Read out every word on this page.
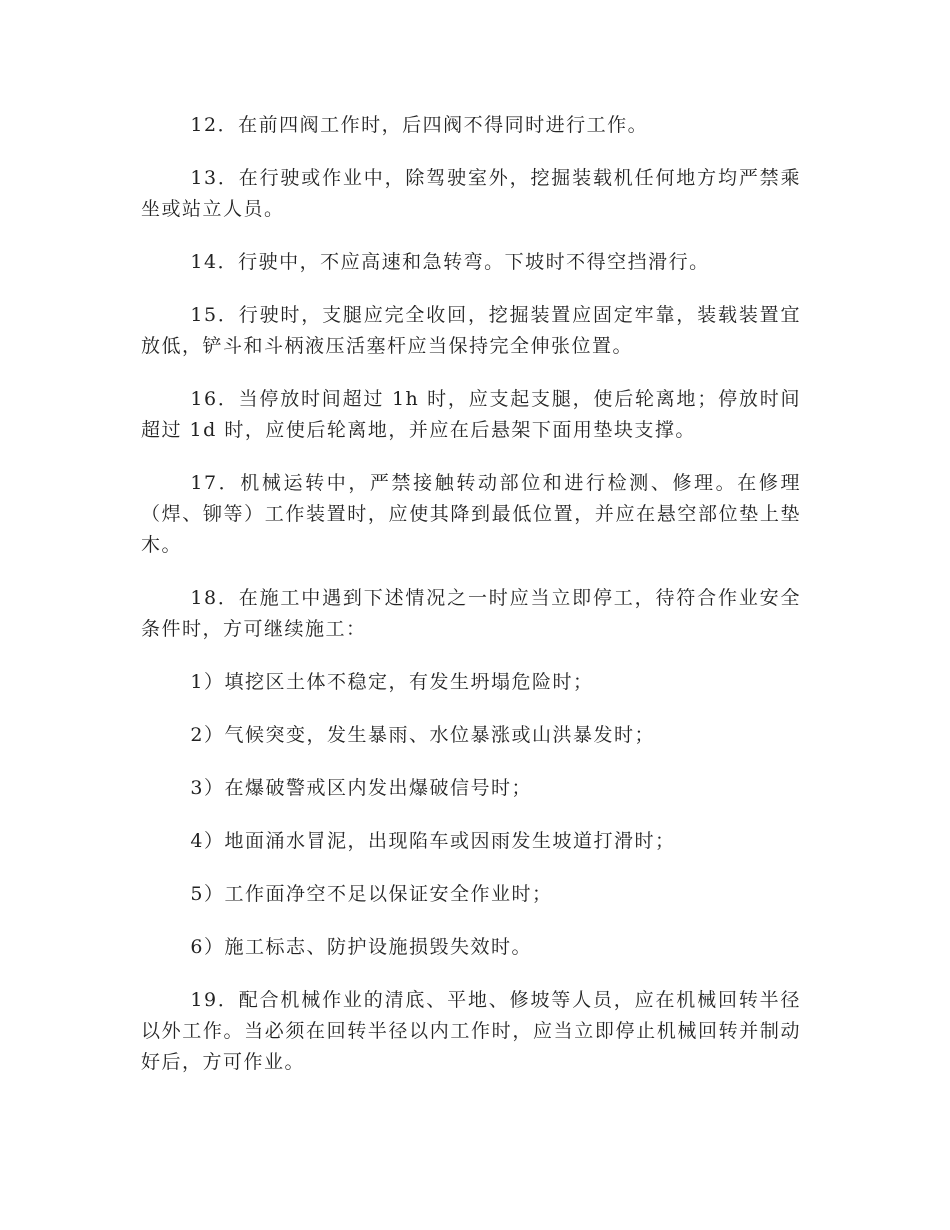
12．在前四阀工作时，后四阀不得同时进行工作。

13．在行驶或作业中，除驾驶室外，挖掘装载机任何地方均严禁乘坐或站立人员。

14．行驶中，不应高速和急转弯。下坡时不得空挡滑行。

15．行驶时，支腿应完全收回，挖掘装置应固定牢靠，装载装置宜放低，铲斗和斗柄液压活塞杆应当保持完全伸张位置。

16．当停放时间超过 1h 时，应支起支腿，使后轮离地；停放时间超过 1d 时，应使后轮离地，并应在后悬架下面用垫块支撑。

17．机械运转中，严禁接触转动部位和进行检测、修理。在修理（焊、铆等）工作装置时，应使其降到最低位置，并应在悬空部位垫上垫木。

18．在施工中遇到下述情况之一时应当立即停工，待符合作业安全条件时，方可继续施工：

1）填挖区土体不稳定，有发生坍塌危险时；

2）气候突变，发生暴雨、水位暴涨或山洪暴发时；

3）在爆破警戒区内发出爆破信号时；

4）地面涌水冒泥，出现陷车或因雨发生坡道打滑时；

5）工作面净空不足以保证安全作业时；

6）施工标志、防护设施损毁失效时。

19．配合机械作业的清底、平地、修坡等人员，应在机械回转半径以外工作。当必须在回转半径以内工作时，应当立即停止机械回转并制动好后，方可作业。
